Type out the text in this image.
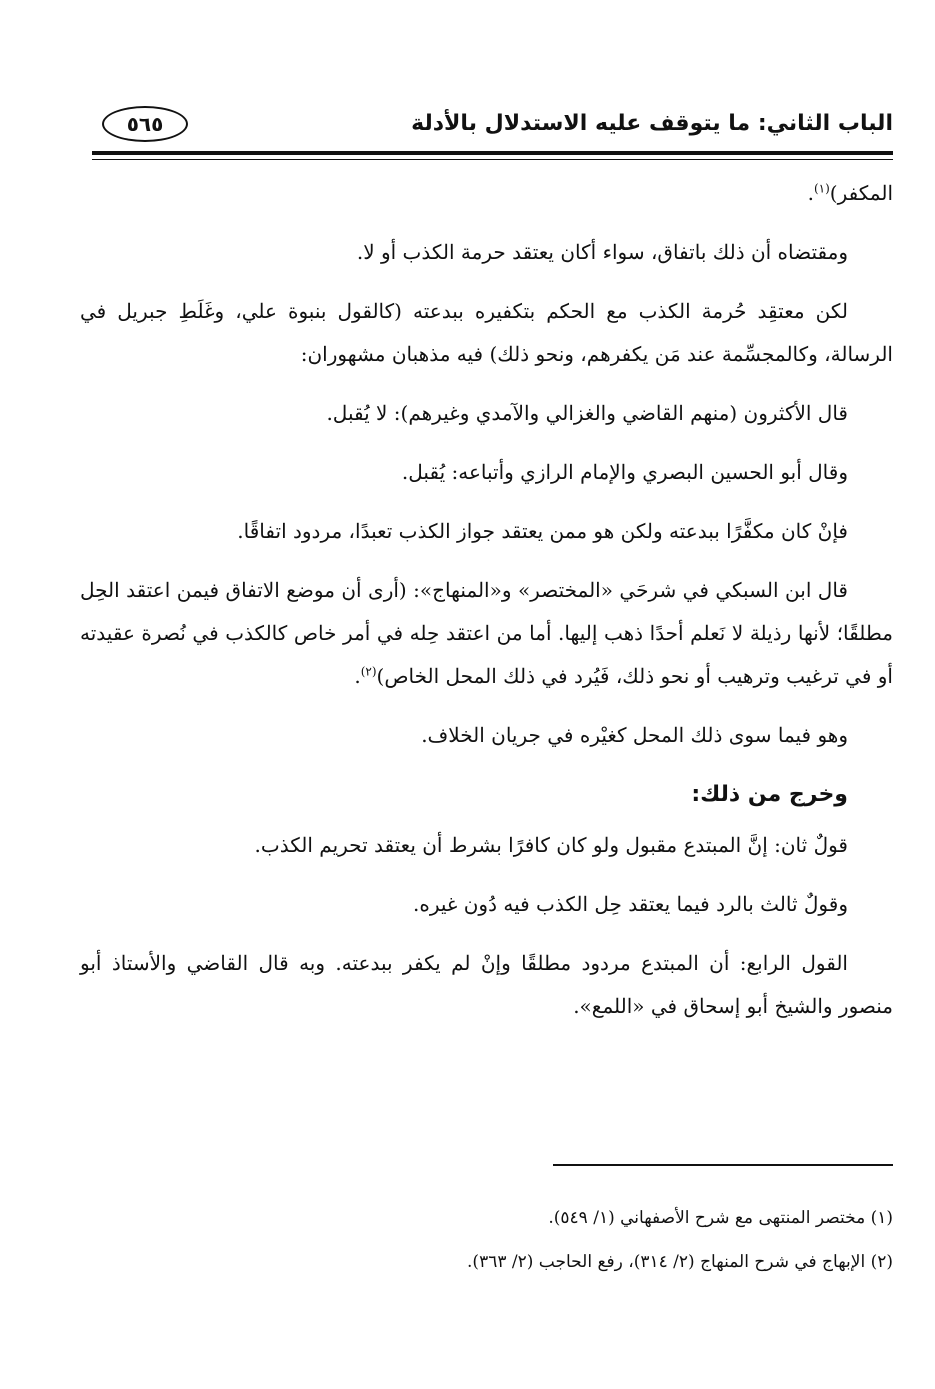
الباب الثاني: ما يتوقف عليه الاستدلال بالأدلة
٥٦٥

المكفر)$^{(١)}$.

ومقتضاه أن ذلك باتفاق، سواء أكان يعتقد حرمة الكذب أو لا.

لكن معتقِد حُرمة الكذب مع الحكم بتكفيره ببدعته (كالقول بنبوة علي، وغَلَطِ جبريل في الرسالة، وكالمجسِّمة عند مَن يكفرهم، ونحو ذلك) فيه مذهبان مشهوران:

قال الأكثرون (منهم القاضي والغزالي والآمدي وغيرهم): لا يُقبل.

وقال أبو الحسين البصري والإمام الرازي وأتباعه: يُقبل.

فإنْ كان مكفَّرًا ببدعته ولكن هو ممن يعتقد جواز الكذب تعبدًا، مردود اتفاقًا.

قال ابن السبكي في شرحَي «المختصر» و«المنهاج»: (أرى أن موضع الاتفاق فيمن اعتقد الحِل مطلقًا؛ لأنها رذيلة لا نَعلم أحدًا ذهب إليها. أما من اعتقد حِله في أمر خاص كالكذب في نُصرة عقيدته أو في ترغيب وترهيب أو نحو ذلك، فَيُرد في ذلك المحل الخاص)$^{(٢)}$.

وهو فيما سوى ذلك المحل كغيْره في جريان الخلاف.

وخرج من ذلك:

قولٌ ثان: إنَّ المبتدع مقبول ولو كان كافرًا بشرط أن يعتقد تحريم الكذب.

وقولٌ ثالث بالرد فيما يعتقد حِل الكذب فيه دُون غيره.

القول الرابع: أن المبتدع مردود مطلقًا وإنْ لم يكفر ببدعته. وبه قال القاضي والأستاذ أبو منصور والشيخ أبو إسحاق في «اللمع».

(١) مختصر المنتهى مع شرح الأصفهاني (١/ ٥٤٩).

(٢) الإبهاج في شرح المنهاج (٢/ ٣١٤)، رفع الحاجب (٢/ ٣٦٣).
